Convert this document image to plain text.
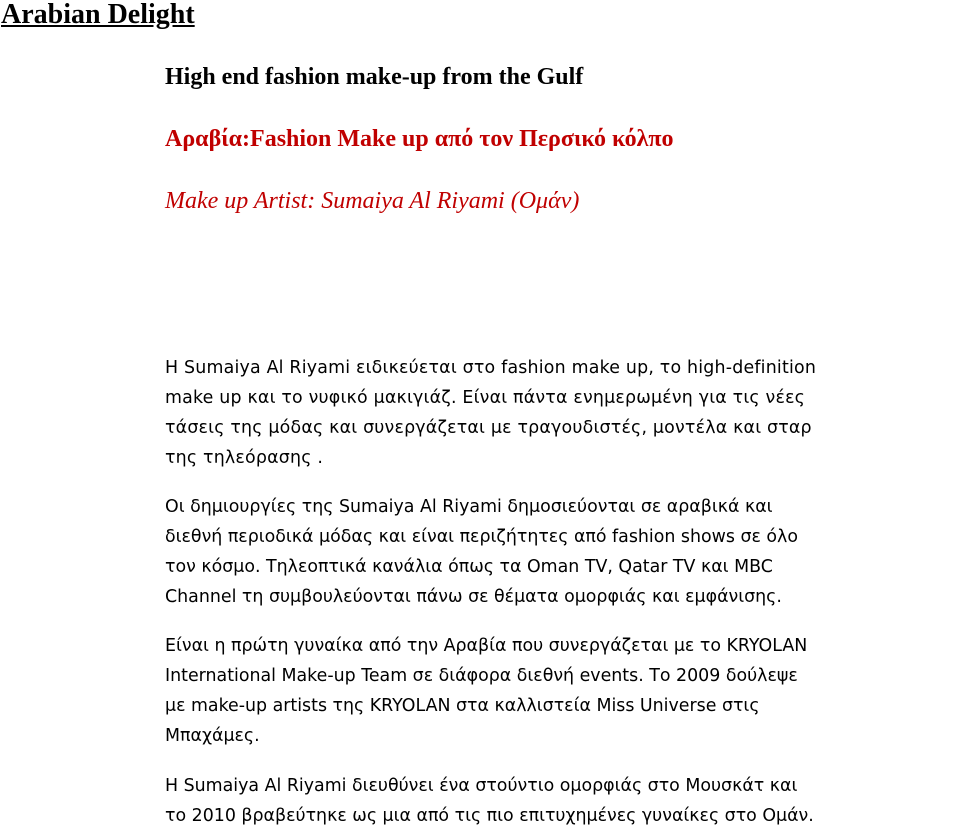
Arabian Delight
High end fashion make-up from the Gulf
Αραβία:Fashion Make up από τον Περσικό κόλπο
Make up Artist: Sumaiya Al Riyami (Ομάν)

H Sumaiya Al Riyami ειδικεύεται στο fashion make up, το high-definition
make up και το νυφικό μακιγιάζ. Είναι πάντα ενημερωμένη για τις νέες
τάσεις της μόδας και συνεργάζεται με τραγουδιστές, μοντέλα και σταρ
της τηλεόρασης .

Οι δημιουργίες της Sumaiya Al Riyami δημοσιεύονται σε αραβικά και
διεθνή περιοδικά μόδας και είναι περιζήτητες από fashion shows σε όλο
τον κόσμο. Τηλεοπτικά κανάλια όπως τα Oman TV, Qatar TV και MBC
Channel τη συμβουλεύονται πάνω σε θέματα ομορφιάς και εμφάνισης.

Είναι η πρώτη γυναίκα από την Αραβία που συνεργάζεται με το KRYOLAN
International Make-up Team σε διάφορα διεθνή events. Το 2009 δούλεψε
με make-up artists της KRYOLAN στα καλλιστεία Miss Universe στις
Μπαχάμες.

H Sumaiya Al Riyami διευθύνει ένα στούντιο ομορφιάς στο Μουσκάτ και
το 2010 βραβεύτηκε ως μια από τις πιο επιτυχημένες γυναίκες στο Ομάν.
